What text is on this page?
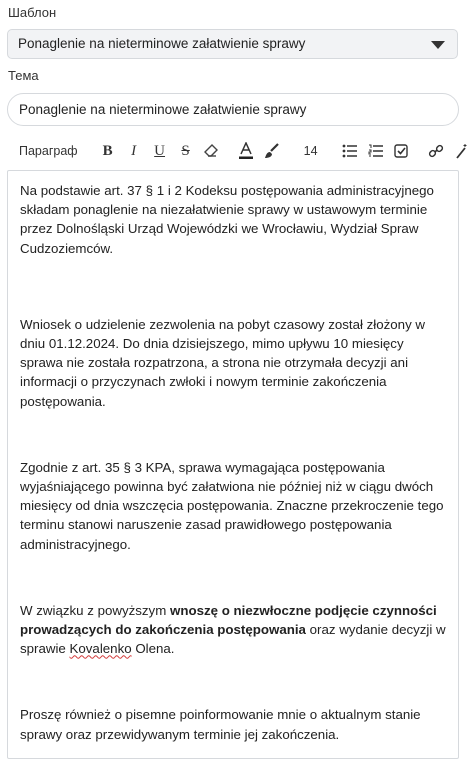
Шаблон
Ponaglenie na nieterminowe załatwienie sprawy
Тема
Ponaglenie na nieterminowe załatwienie sprawy
Параграф	B	I	U	S	14

Na podstawie art. 37 § 1 i 2 Kodeksu postępowania administracyjnego składam ponaglenie na niezałatwienie sprawy w ustawowym terminie przez Dolnośląski Urząd Wojewódzki we Wrocławiu, Wydział Spraw Cudzoziemców.

Wniosek o udzielenie zezwolenia na pobyt czasowy został złożony w dniu 01.12.2024. Do dnia dzisiejszego, mimo upływu 10 miesięcy sprawa nie została rozpatrzona, a strona nie otrzymała decyzji ani informacji o przyczynach zwłoki i nowym terminie zakończenia postępowania.

Zgodnie z art. 35 § 3 KPA, sprawa wymagająca postępowania wyjaśniającego powinna być załatwiona nie później niż w ciągu dwóch miesięcy od dnia wszczęcia postępowania. Znaczne przekroczenie tego terminu stanowi naruszenie zasad prawidłowego postępowania administracyjnego.

W związku z powyższym wnoszę o niezwłoczne podjęcie czynności prowadzących do zakończenia postępowania oraz wydanie decyzji w sprawie Kovalenko Olena.

Proszę również o pisemne poinformowanie mnie o aktualnym stanie sprawy oraz przewidywanym terminie jej zakończenia.
